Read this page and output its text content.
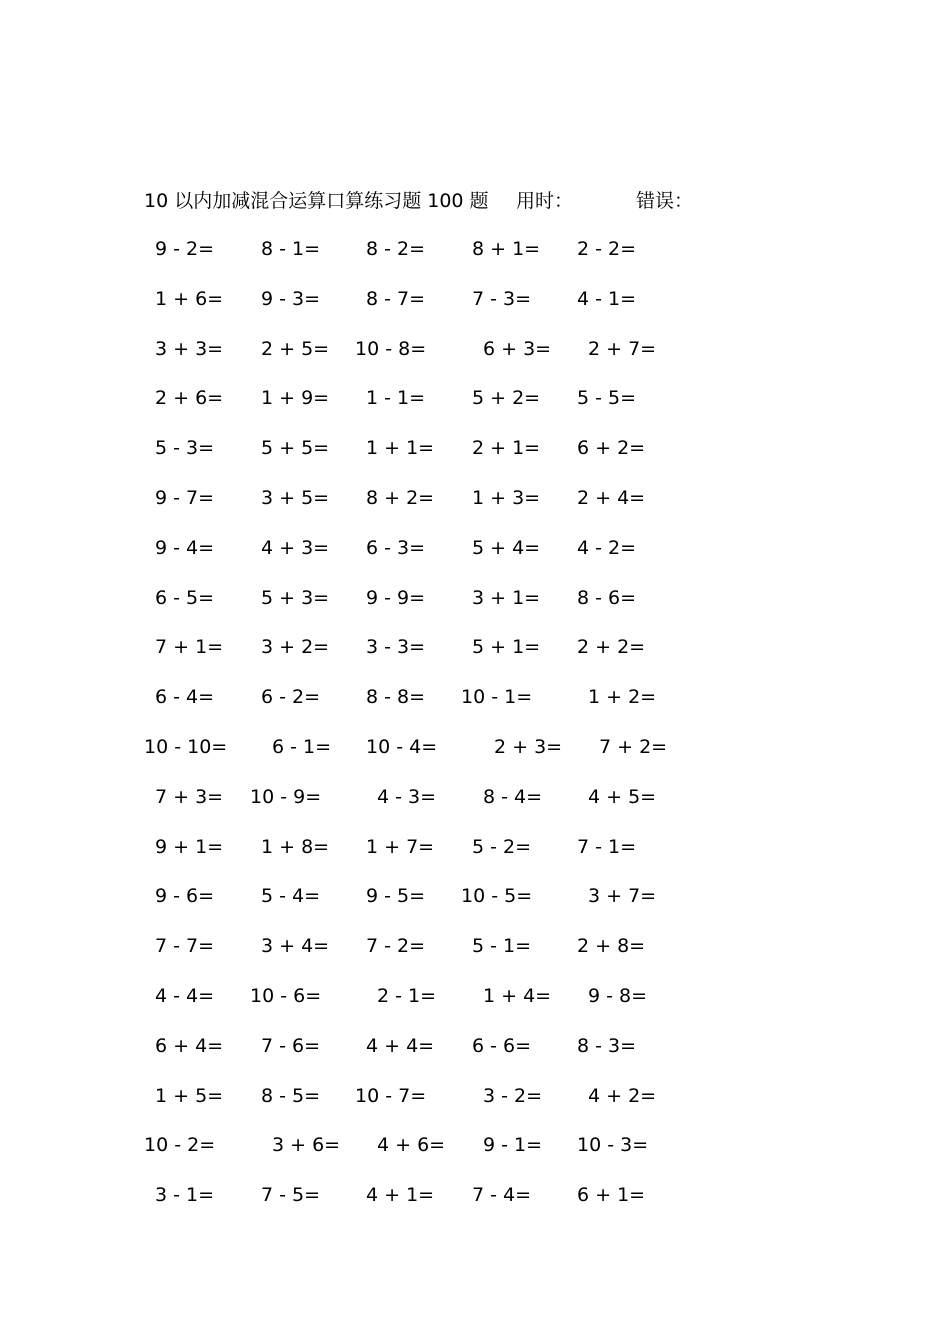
10 以内加减混合运算口算练习题 100 题 用时：	错误：
9 - 2= 8 - 1= 8 - 2= 8 + 1= 2 - 2=
1 + 6= 9 - 3= 8 - 7= 7 - 3= 4 - 1=
3 + 3= 2 + 5= 10 - 8=	6 + 3= 2 + 7=
2 + 6= 1 + 9= 1 - 1= 5 + 2= 5 - 5=
5 - 3= 5 + 5= 1 + 1= 2 + 1= 6 + 2=
9 - 7= 3 + 5= 8 + 2= 1 + 3= 2 + 4=
9 - 4= 4 + 3= 6 - 3= 5 + 4= 4 - 2=
6 - 5= 5 + 3= 9 - 9= 3 + 1= 8 - 6=
7 + 1= 3 + 2= 3 - 3= 5 + 1= 2 + 2=
6 - 4= 6 - 2= 8 - 8= 10 - 1=	1 + 2=
10 - 10= 6 - 1= 10 - 4=	2 + 3= 7 + 2=
7 + 3= 10 - 9=	4 - 3= 8 - 4= 4 + 5=
9 + 1= 1 + 8= 1 + 7= 5 - 2= 7 - 1=
9 - 6= 5 - 4= 9 - 5= 10 - 5=	3 + 7=
7 - 7= 3 + 4= 7 - 2= 5 - 1= 2 + 8=
4 - 4= 10 - 6=	2 - 1= 1 + 4= 9 - 8=
6 + 4= 7 - 6= 4 + 4= 6 - 6= 8 - 3=
1 + 5= 8 - 5= 10 - 7=	3 - 2= 4 + 2=
10 - 2=	3 + 6= 4 + 6= 9 - 1= 10 - 3=
3 - 1= 7 - 5= 4 + 1= 7 - 4= 6 + 1=
